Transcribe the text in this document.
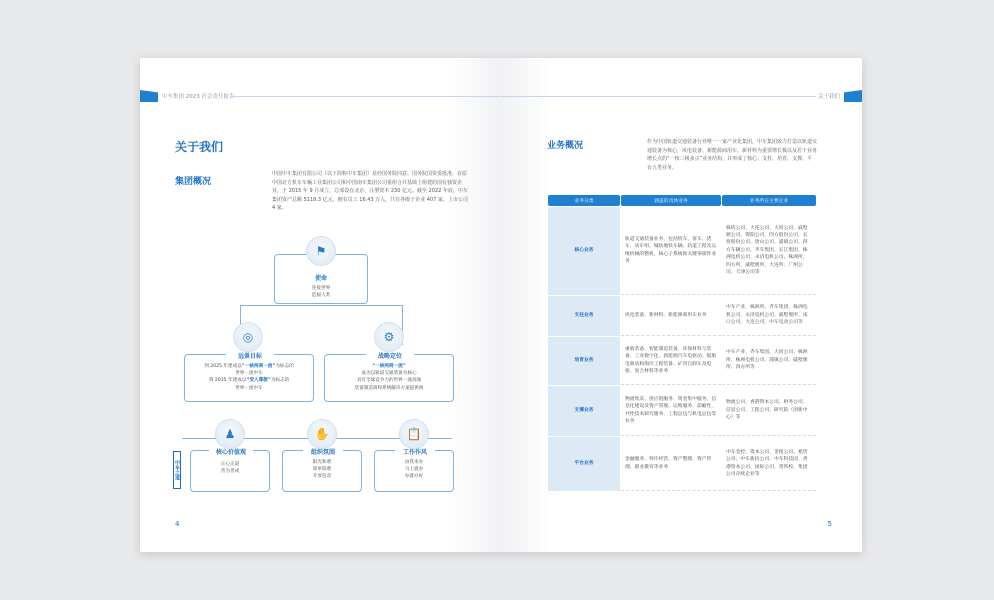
中车集团 2023 社会责任报告
关于我们
集团概况
中国中车集团有限公司（以下简称中车集团）是经国务院同意、国务院国资委批准，在原中国北方机车车辆工业集团公司和中国南车集团公司重组合并基础上组建的国有独资企业，于 2015 年 9 月成立，总部设在北京，注册资本 230 亿元。截至 2022 年底，中车集团资产总额 5119.3 亿元，拥有员工 16.43 万人，共有各级子企业 407 家，上市公司 4 家。
使命
连接世界
造福人类
⚑
远景目标
到 2025 年建成以“一核两商一流”为标志的
世界一流中车
到 2035 年建成以“受人尊敬”为标志的
世界一流中车
◎
战略定位
“一核两商一流”
成为以轨道交通装备为核心
具有全球竞争力的世界一流高端
装备制造商和系统解决方案提供商
⚙
核心价值观
正心正道
善为善成
♟
组织氛围
阳光和谐
简单阳谐
开放包容
✋
工作作风
由我来办
马上就办
办就办好
📋
中车之道
4
关于我们
业务概况	作为中国轨道交通装备行业唯一一家产业化集团，中车集团致力打造以轨道交通装备为核心，风电装备、新能源商用车、新材料为重要增长极以及若干业务增长点的“一核三极多点”业务结构，并形成了核心、支柱、培育、支撑、平台五类业务。
业务分类	涵盖的具体业务	业务所在主要企业
核心业务	轨道交通装备业务，包括机车、客车、货车、动车组、城轨地铁车辆、轨道工程及运维机械的整机，核心子系统和关键零部件业务	株机公司、大连公司、大同公司、戚墅堰公司、资阳公司、四方股份公司、长客股份公司、唐山公司、浦镇公司、四方车辆公司、齐车集团、长江集团、株洲电机公司、永济电机公司、株洲所、四方所、戚墅堰所、大连所、广州公司、天津公司等
支柱业务	风电装备、新材料、新能源商用车业务	中车产业、株洲所、齐车集团、株洲电机公司、永济电机公司、戚墅堰所、南口公司、大连公司、中车电动公司等
培育业务	重载装备、智能制造装备、环保材料与装备、工业数字化、新能源汽车电驱动、船舶电驱动和海洋工程装备、矿用自卸车及电驱、复合材料等业务	中车产业、齐车集团、大同公司、株洲所、株洲电机公司、浦镇公司、戚墅堰所、四方所等
支撑业务	物流集采、供应链服务、资金集中服务、信息化建设及资产管理、运维服务、前瞻性、共性技术研究服务、工程总包与机电总包等业务	物流公司、香港资本公司、财务公司、信息公司、工程公司、研究院（创新中心）等
平台业务	金融服务、特许经营、资产整理、资产管理、职业教育等业务	中车金控、资本公司、金租公司、租赁公司、中车新投公司、中车科技园、香港资本公司、国际公司、常铁校、集团公司存续企业等
5
